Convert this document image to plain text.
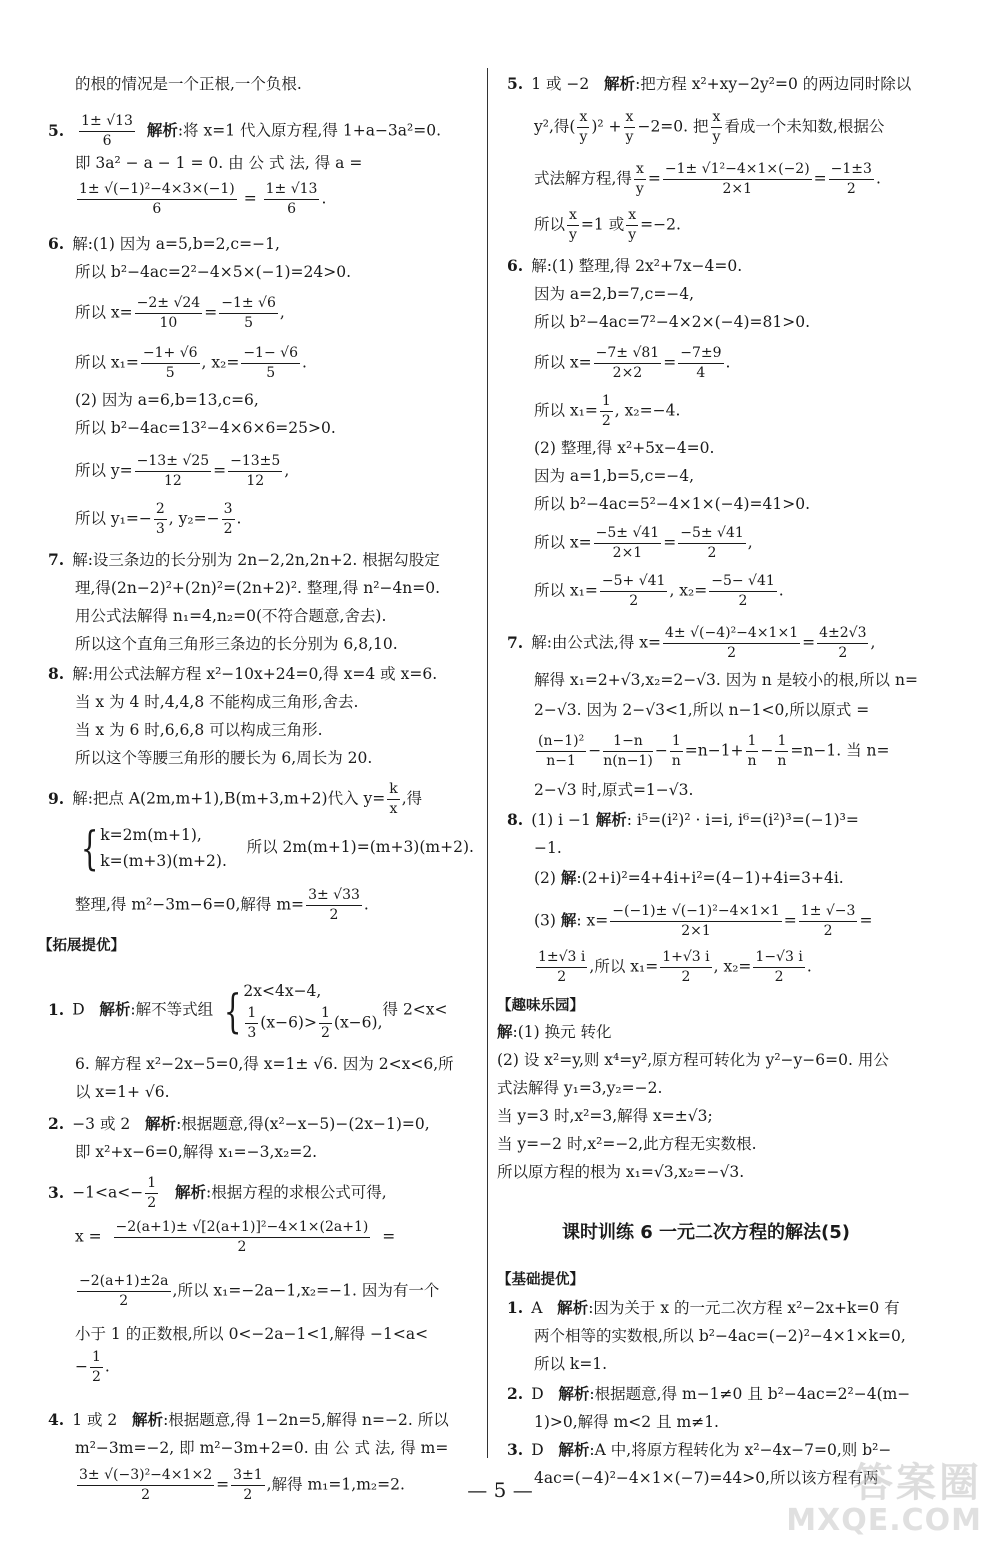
的根的情况是一个正根,一个负根.
5. $\frac{1\pm √13}{6}$ 解析:将 x=1 代入原方程,得 1+a−3a²=0.
即 3a² − a − 1 = 0. 由 公 式 法, 得 a =
$\frac{\text{1± √(−1)²−4×3×(−1)}}{6} = \frac{1\pm √13}{6}$ .
6. 解:(1) 因为 a=5,b=2,c=−1,
所以 b²−4ac=2²−4×5×(−1)=24>0.
所以 $x= \frac{-2\pm √24}{10} = \frac{-1\pm √6}{5}$ ,
所以 $x_1= \frac{-1+ √6}{5}$ , $x_2= \frac{-1- √6}{5}$ .
(2) 因为 a=6,b=13,c=6,
所以 b²−4ac=13²−4×6×6=25>0.
所以 $y= \frac{-13\pm √25}{12} = \frac{-13\pm 5}{12}$ ,
所以 $y_1=- \frac{2}{3}$ , $y_2=- \frac{3}{2}$ .
7. 解:设三条边的长分别为 2n−2,2n,2n+2. 根据勾股定
理,得(2n−2)²+(2n)²=(2n+2)². 整理,得 n²−4n=0.
用公式法解得 n₁=4,n₂=0(不符合题意,舍去).
所以这个直角三角形三条边的长分别为 6,8,10.
8. 解:用公式法解方程 x²−10x+24=0,得 x=4 或 x=6.
当 x 为 4 时,4,4,8 不能构成三角形,舍去.
当 x 为 6 时,6,6,8 可以构成三角形.
所以这个等腰三角形的腰长为 6,周长为 20.
9. 解:把点 A(2m,m+1),B(m+3,m+2)代入 $y= \frac{k}{x}$ ,得
{ k=2m(m+1),
k=(m+3)(m+2).
所以 2m(m+1)=(m+3)(m+2).
整理,得 m²−3m−6=0,解得 $m= \frac{3\pm √33}{2}$ .
【拓展提优】
1. D 解析:解不等式组 { 2x<4x−4,
$\frac{1}{3} (x-6)> \frac{1}{2} (x-6)$,
得 2<x<
6. 解方程 x²−2x−5=0,得 x=1± √6. 因为 2<x<6,所
以 x=1+ √6.
2. −3 或 2 解析:根据题意,得(x²−x−5)−(2x−1)=0,
即 x²+x−6=0,解得 x₁=−3,x₂=2.
3. $-1<a<- \frac{1}{2}$ 解析:根据方程的求根公式可得,
$x = \frac{\text{−2(a+1)± √[2(a+1)]²−4×1×(2a+1)}}{2}$ =
$\frac{-2(a+1)\pm 2a}{2}$ ,所以 x₁=−2a−1,x₂=−1. 因为有一个
小于 1 的正数根,所以 0<−2a−1<1,解得 −1<a<
− $\frac{1}{2}$ .
4. 1 或 2 解析:根据题意,得 1−2n=5,解得 n=−2. 所以
m²−3m=−2, 即 m²−3m+2=0. 由 公 式 法, 得 m=
$\frac{\text{3± √(−3)²−4×1×2}}{2} = \frac{3\pm 1}{2}$ ,解得 m₁=1,m₂=2.
5. 1 或 −2 解析:把方程 x²+xy−2y²=0 的两边同时除以
y²,得( $\frac{x}{y} )^2 + \frac{x}{y} -2=0$. 把 $\frac{x}{y}$ 看成一个未知数,根据公
式法解方程,得 $\frac{x}{y} = \frac{\text{−1± √1²−4×1×(−2)}}{2\times 1} = \frac{-1\pm 3}{2}$ .
所以 $\frac{x}{y} =1$ 或 $\frac{x}{y} =-2$.
6. 解:(1) 整理,得 2x²+7x−4=0.
因为 a=2,b=7,c=−4,
所以 b²−4ac=7²−4×2×(−4)=81>0.
所以 $x= \frac{-7\pm √81}{2\times 2} = \frac{-7\pm 9}{4}$ .
所以 $x_1= \frac{1}{2}$ , x₂=−4.
(2) 整理,得 x²+5x−4=0.
因为 a=1,b=5,c=−4,
所以 b²−4ac=5²−4×1×(−4)=41>0.
所以 $x= \frac{-5\pm √41}{2\times 1} = \frac{-5\pm √41}{2}$ ,
所以 $x_1= \frac{-5+ √41}{2}$ , $x_2= \frac{-5- √41}{2}$ .
7. 解:由公式法,得 $x= \frac{\text{4± √(−4)²−4×1×1}}{2} = \frac{4\pm 2√3}{2}$ ,
解得 x₁=2+√3,x₂=2−√3. 因为 n 是较小的根,所以 n=
2−√3. 因为 2−√3<1,所以 n−1<0,所以原式 =
$\frac{\text{(n−1)²}}{n-1} - \frac{1-n}{n(n-1)} - \frac{1}{n} =n-1+ \frac{1}{n} - \frac{1}{n} =n-1$. 当 n=
2−√3 时,原式=1−√3.
8. (1) i −1 解析: i⁵=(i²)² · i=i, i⁶=(i²)³=(−1)³=
−1.
(2) 解:(2+i)²=4+4i+i²=(4−1)+4i=3+4i.
(3) 解: $x= \frac{\text{−(−1)± √(−1)²−4×1×1}}{2\times 1} = \frac{1\pm √-3}{2}$ =
$\frac{1\pm√3 i}{2}$ ,所以 $x_1= \frac{1+√3 i}{2}$ , $x_2= \frac{1-√3 i}{2}$ .
【趣味乐园】
解:(1) 换元 转化
(2) 设 x²=y,则 x⁴=y²,原方程可转化为 y²−y−6=0. 用公
式法解得 y₁=3,y₂=−2.
当 y=3 时,x²=3,解得 x=±√3;
当 y=−2 时,x²=−2,此方程无实数根.
所以原方程的根为 x₁=√3,x₂=−√3.
课时训练 6 一元二次方程的解法(5)
【基础提优】
1. A 解析:因为关于 x 的一元二次方程 x²−2x+k=0 有
两个相等的实数根,所以 b²−4ac=(−2)²−4×1×k=0,
所以 k=1.
2. D 解析:根据题意,得 m−1≠0 且 b²−4ac=2²−4(m−
1)>0,解得 m<2 且 m≠1.
3. D 解析:A 中,将原方程转化为 x²−4x−7=0,则 b²−
4ac=(−4)²−4×1×(−7)=44>0,所以该方程有两
— 5 —	答案圈
MXQE.COM
